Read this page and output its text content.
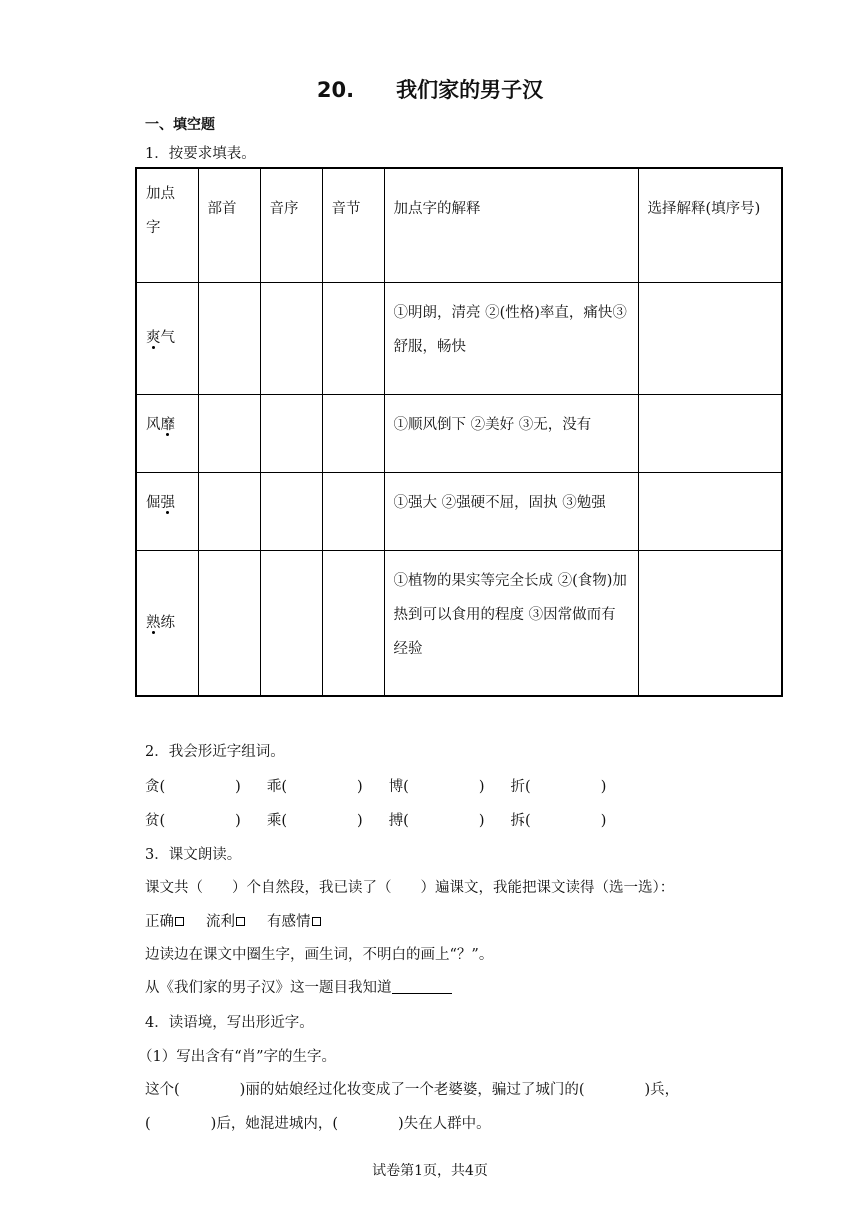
20. 我们家的男子汉
一、填空题
1．按要求填表。
加点字	部首	音序	音节	加点字的解释	选择解释(填序号)
爽气				①明朗，清亮 ②(性格)率直，痛快③舒服，畅快	
风靡				①顺风倒下 ②美好 ③无，没有	
倔强				①强大 ②强硬不屈，固执 ③勉强	
熟练				①植物的果实等完全长成 ②(食物)加热到可以食用的程度 ③因常做而有经验	
2．我会形近字组词。
贪(	) 乖(	) 博(	) 折(	)
贫(	) 乘(	) 搏(	) 拆(	)
3．课文朗读。
课文共（　　）个自然段，我已读了（　　）遍课文，我能把课文读得（选一选）：
正确 流利 有感情
边读边在课文中圈生字，画生词，不明白的画上“？”。
从《我们家的男子汉》这一题目我知道
4．读语境，写出形近字。
（1）写出含有“肖”字的生字。
这个(	)丽的姑娘经过化妆变成了一个老婆婆，骗过了城门的(	)兵，
(	)后，她混进城内，(	)失在人群中。
试卷第1页，共4页
